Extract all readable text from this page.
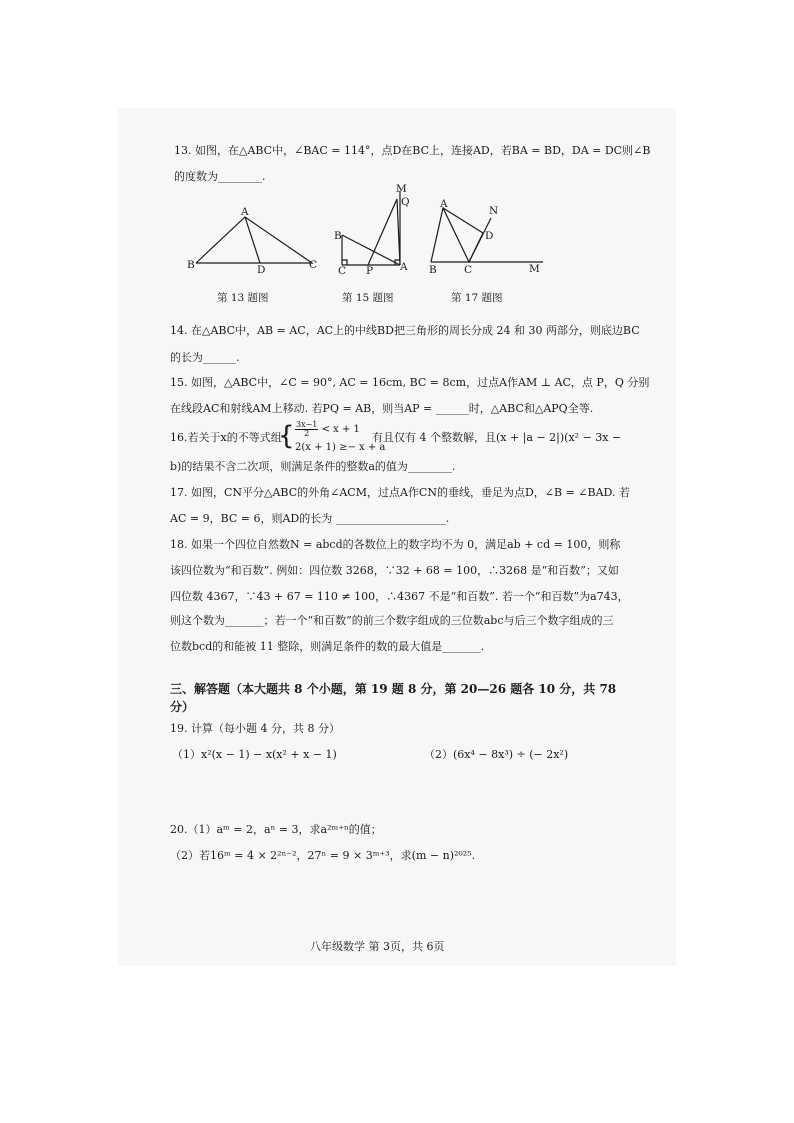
13. 如图，在△ABC中，∠BAC = 114°，点D在BC上，连接AD，若BA = BD，DA = DC则∠B
的度数为________.
A
B	C
D
M
Q
B
C P	A
A
N
D
B	C	M
第 13 题图	第 15 题图	第 17 题图
14. 在△ABC中，AB = AC，AC上的中线BD把三角形的周长分成 24 和 30 两部分，则底边BC
的长为______.
15. 如图，△ABC中，∠C = 90°, AC = 16cm, BC = 8cm，过点A作AM ⊥ AC，点 P，Q 分别
在线段AC和射线AM上移动. 若PQ = AB，则当AP = ______时，△ABC和△APQ全等.
16.若关于x的不等式组
{ $\frac{3x-1}{2} < x + 1$
2(x + 1) ≥− x + a
有且仅有 4 个整数解，且(x + |a − 2|)(x² − 3x −
b)的结果不含二次项，则满足条件的整数a的值为________.
17. 如图，CN平分△ABC的外角∠ACM，过点A作CN的垂线，垂足为点D，∠B = ∠BAD. 若
AC = 9，BC = 6，则AD的长为 ____________________.
18. 如果一个四位自然数N = abcd的各数位上的数字均不为 0，满足ab + cd = 100，则称
该四位数为“和百数”. 例如：四位数 3268，∵32 + 68 = 100，∴3268 是“和百数”；又如
四位数 4367，∵43 + 67 = 110 ≠ 100，∴4367 不是“和百数”. 若一个“和百数”为a743，
则这个数为_______；若一个“和百数”的前三个数字组成的三位数abc与后三个数字组成的三
位数bcd的和能被 11 整除，则满足条件的数的最大值是_______.
三、解答题（本大题共 8 个小题，第 19 题 8 分，第 20—26 题各 10 分，共 78
分）
19. 计算（每小题 4 分，共 8 分）
（1）x²(x − 1) − x(x² + x − 1)	（2）(6x⁴ − 8x³) ÷ (− 2x²)
20.（1）aᵐ = 2，aⁿ = 3，求a²ᵐ⁺ⁿ的值；
（2）若16ᵐ = 4 × 2²ⁿ⁻²，27ⁿ = 9 × 3ᵐ⁺³，求(m − n)²⁰²⁵.
八年级数学 第 3页，共 6页
